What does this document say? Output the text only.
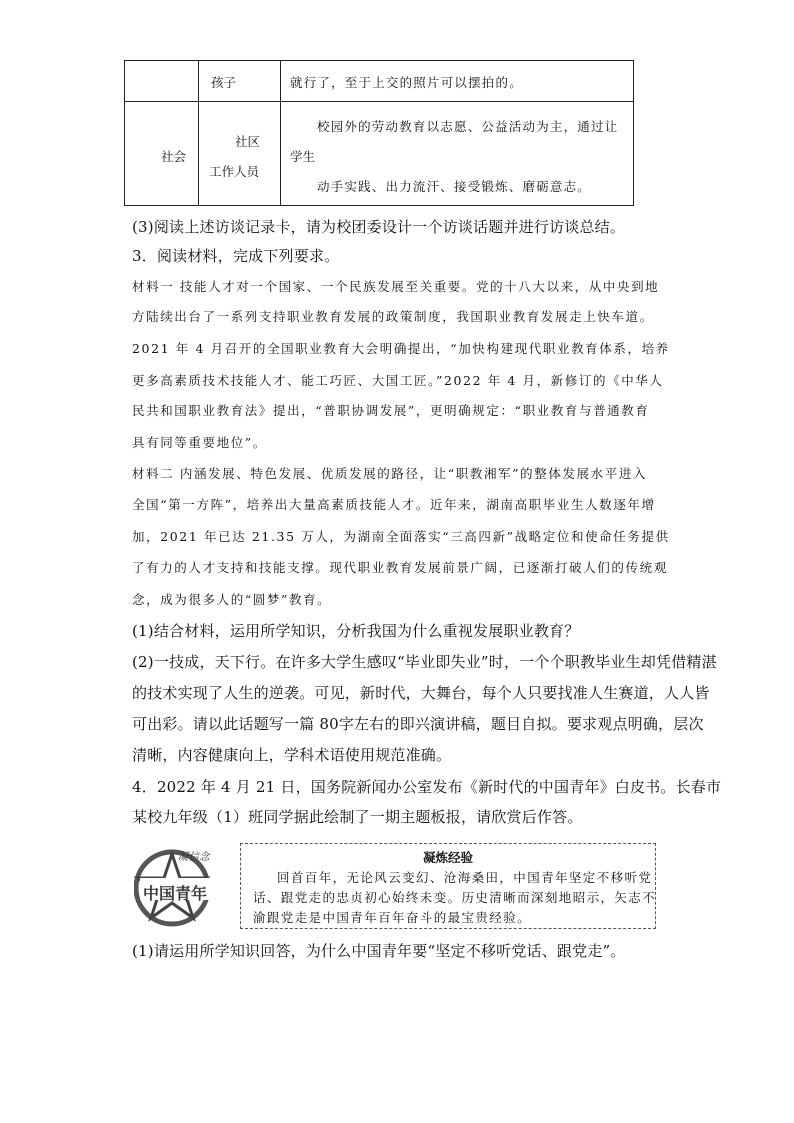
孩子	就行了，至于上交的照片可以摆拍的。
社会
社区
工作人员
校园外的劳动教育以志愿、公益活动为主，通过让
学生
动手实践、出力流汗、接受锻炼、磨砺意志。
(3)阅读上述访谈记录卡，请为校团委设计一个访谈话题并进行访谈总结。
3．阅读材料，完成下列要求。
材料一 技能人才对一个国家、一个民族发展至关重要。党的十八大以来，从中央到地
方陆续出台了一系列支持职业教育发展的政策制度，我国职业教育发展走上快车道。
2021 年 4 月召开的全国职业教育大会明确提出，“加快构建现代职业教育体系，培养
更多高素质技术技能人才、能工巧匠、大国工匠。”2022 年 4 月，新修订的《中华人
民共和国职业教育法》提出，“普职协调发展”，更明确规定：“职业教育与普通教育
具有同等重要地位”。
材料二 内涵发展、特色发展、优质发展的路径，让“职教湘军”的整体发展水平进入
全国“第一方阵”，培养出大量高素质技能人才。近年来，湖南高职毕业生人数逐年增
加，2021 年已达 21.35 万人，为湖南全面落实“三高四新”战略定位和使命任务提供
了有力的人才支持和技能支撑。现代职业教育发展前景广阔，已逐渐打破人们的传统观
念，成为很多人的“圆梦”教育。
(1)结合材料，运用所学知识，分析我国为什么重视发展职业教育？
(2)一技成，天下行。在许多大学生感叹“毕业即失业”时，一个个职教毕业生却凭借精湛
的技术实现了人生的逆袭。可见，新时代，大舞台，每个人只要找准人生赛道，人人皆
可出彩。请以此话题写一篇 80字左右的即兴演讲稿，题目自拟。要求观点明确，层次
清晰，内容健康向上，学科术语使用规范准确。
4．2022 年 4 月 21 日，国务院新闻办公室发布《新时代的中国青年》白皮书。长春市
某校九年级（1）班同学据此绘制了一期主题板报，请欣赏后作答。
凝信念
中国青年
凝炼经验
回首百年，无论风云变幻、沧海桑田，中国青年坚定不移听党
话、跟党走的忠贞初心始终未变。历史清晰而深刻地昭示，矢志不
渝跟党走是中国青年百年奋斗的最宝贵经验。
(1)请运用所学知识回答，为什么中国青年要“坚定不移听党话、跟党走”。
